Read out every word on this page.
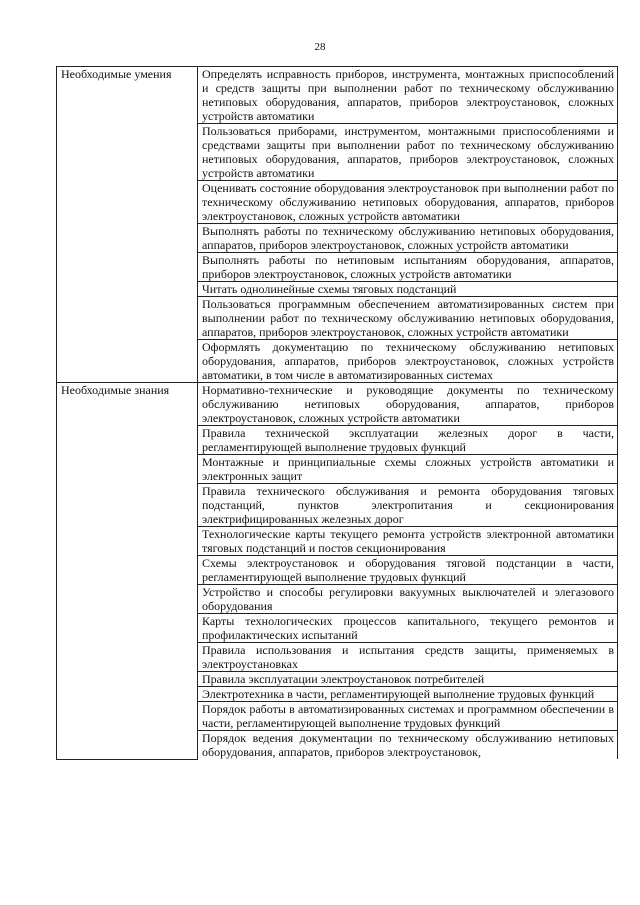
28
Необходимые умения	Определять исправность приборов, инструмента, монтажных приспособлений и средств защиты при выполнении работ по техническому обслуживанию нетиповых оборудования, аппаратов, приборов электроустановок, сложных устройств автоматики
	Пользоваться приборами, инструментом, монтажными приспособлениями и средствами защиты при выполнении работ по техническому обслуживанию нетиповых оборудования, аппаратов, приборов электроустановок, сложных устройств автоматики
	Оценивать состояние оборудования электроустановок при выполнении работ по техническому обслуживанию нетиповых оборудования, аппаратов, приборов электроустановок, сложных устройств автоматики
	Выполнять работы по техническому обслуживанию нетиповых оборудования, аппаратов, приборов электроустановок, сложных устройств автоматики
	Выполнять работы по нетиповым испытаниям оборудования, аппаратов, приборов электроустановок, сложных устройств автоматики
	Читать однолинейные схемы тяговых подстанций
	Пользоваться программным обеспечением автоматизированных систем при выполнении работ по техническому обслуживанию нетиповых оборудования, аппаратов, приборов электроустановок, сложных устройств автоматики
	Оформлять документацию по техническому обслуживанию нетиповых оборудования, аппаратов, приборов электроустановок, сложных устройств автоматики, в том числе в автоматизированных системах
Необходимые знания	Нормативно-технические и руководящие документы по техническому обслуживанию нетиповых оборудования, аппаратов, приборов электроустановок, сложных устройств автоматики
	Правила технической эксплуатации железных дорог в части, регламентирующей выполнение трудовых функций
	Монтажные и принципиальные схемы сложных устройств автоматики и электронных защит
	Правила технического обслуживания и ремонта оборудования тяговых подстанций, пунктов электропитания и секционирования электрифицированных железных дорог
	Технологические карты текущего ремонта устройств электронной автоматики тяговых подстанций и постов секционирования
	Схемы электроустановок и оборудования тяговой подстанции в части, регламентирующей выполнение трудовых функций
	Устройство и способы регулировки вакуумных выключателей и элегазового оборудования
	Карты технологических процессов капитального, текущего ремонтов и профилактических испытаний
	Правила использования и испытания средств защиты, применяемых в электроустановках
	Правила эксплуатации электроустановок потребителей
	Электротехника в части, регламентирующей выполнение трудовых функций
	Порядок работы в автоматизированных системах и программном обеспечении в части, регламентирующей выполнение трудовых функций
	Порядок ведения документации по техническому обслуживанию нетиповых оборудования, аппаратов, приборов электроустановок,
